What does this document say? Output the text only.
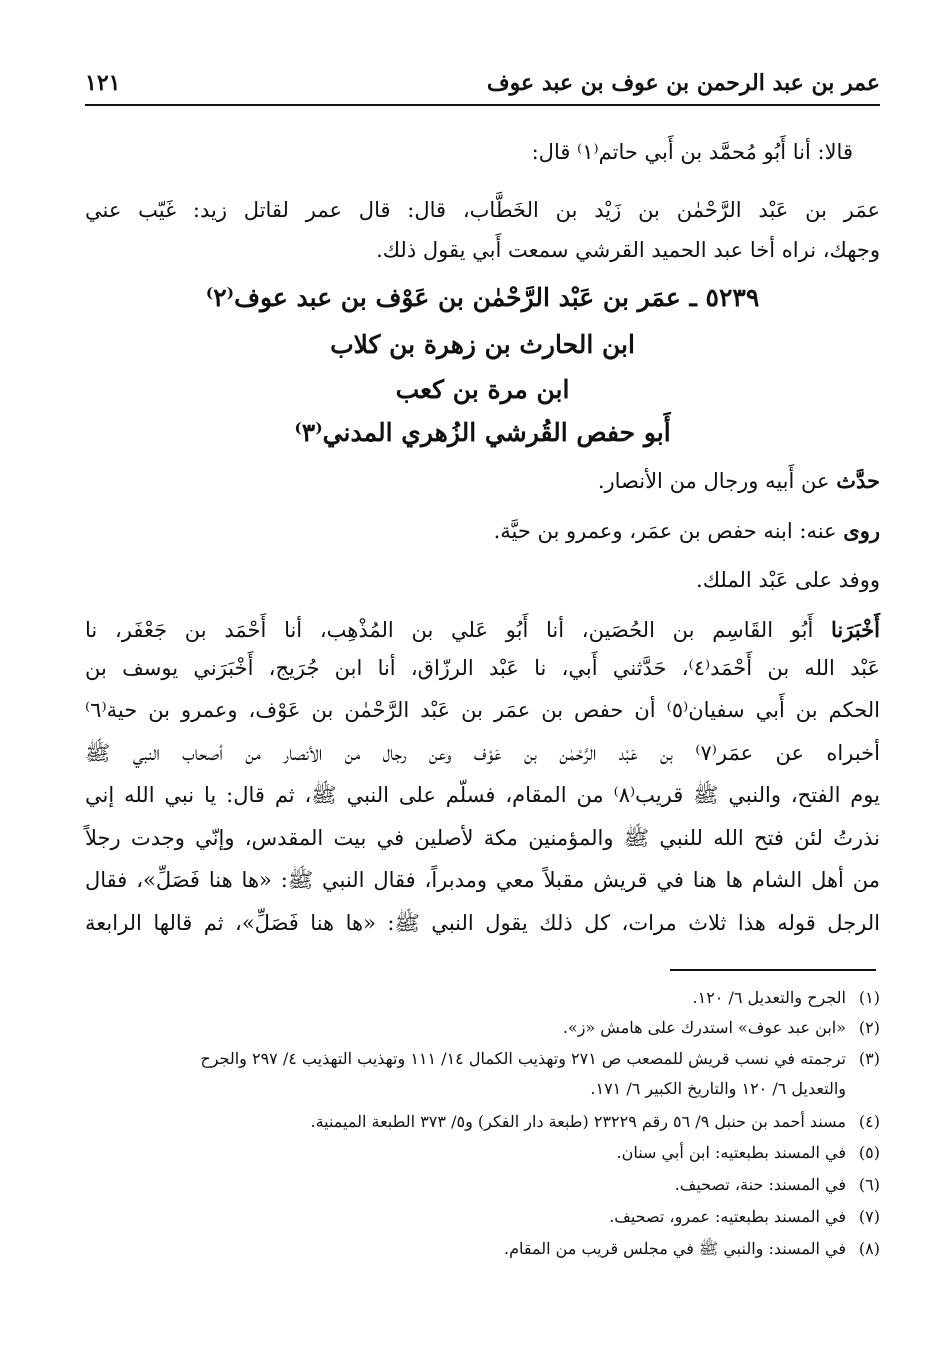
عمر بن عبد الرحمن بن عوف بن عبد عوف
١٢١
قالا: أنا أَبُو مُحمَّد بن أَبي حاتم⁽١⁾ قال:
عمَر بن عَبْد الرَّحْمٰن بن زَيْد بن الخَطَّاب، قال: قال عمر لقاتل زيد: غَيّب عني
وجهك، نراه أخا عبد الحميد القرشي سمعت أَبي يقول ذلك.
٥٢٣٩ ـ عمَر بن عَبْد الرَّحْمٰن بن عَوْف بن عبد عوف⁽٢⁾
ابن الحارث بن زهرة بن كلاب
ابن مرة بن كعب
أَبو حفص القُرشي الزُهري المدني⁽٣⁾
حدَّث عن أَبيه ورجال من الأنصار.
روى عنه: ابنه حفص بن عمَر، وعمرو بن حيَّة.
ووفد على عَبْد الملك.
أَخْبَرَنا أَبُو القَاسِم بن الحُصَين، أنا أَبُو عَلي بن المُذْهِب، أنا أَحْمَد بن جَعْفَر، نا
عَبْد الله بن أَحْمَد⁽٤⁾، حَدَّثني أَبي، نا عَبْد الرزّاق، أنا ابن جُرَيج، أَخْبَرَني يوسف بن
الحكم بن أَبي سفيان⁽٥⁾ أن حفص بن عمَر بن عَبْد الرَّحْمٰن بن عَوْف، وعمرو بن حية⁽٦⁾
أخبراه عن عمَر⁽٧⁾ بن عَبْد الرَّحْمٰن بن عَوْف وعن رجال من الأنصار من أصحاب النبي ﷺ
يوم الفتح، والنبي ﷺ قريب⁽٨⁾ من المقام، فسلّم على النبي ﷺ، ثم قال: يا نبي الله إني
نذرتُ لئن فتح الله للنبي ﷺ والمؤمنين مكة لأصلين في بيت المقدس، وإنّي وجدت رجلاً
من أهل الشام ها هنا في قريش مقبلاً معي ومدبراً، فقال النبي ﷺ: «ها هنا فَصَلِّ»، فقال
الرجل قوله هذا ثلاث مرات، كل ذلك يقول النبي ﷺ: «ها هنا فَصَلِّ»، ثم قالها الرابعة
(١)الجرح والتعديل ٦/ ١٢٠.
(٢)«ابن عبد عوف» استدرك على هامش «ز».
(٣)ترجمته في نسب قريش للمصعب ص ٢٧١ وتهذيب الكمال ١٤/ ١١١ وتهذيب التهذيب ٤/ ٢٩٧ والجرح
والتعديل ٦/ ١٢٠ والتاريخ الكبير ٦/ ١٧١.
(٤)مسند أحمد بن حنبل ٩/ ٥٦ رقم ٢٣٢٢٩ (طبعة دار الفكر) و٥/ ٣٧٣ الطبعة الميمنية.
(٥)في المسند بطبعتيه: ابن أبي سنان.
(٦)في المسند: حنة، تصحيف.
(٧)في المسند بطبعتيه: عمرو، تصحيف.
(٨)في المسند: والنبي ﷺ في مجلس قريب من المقام.
